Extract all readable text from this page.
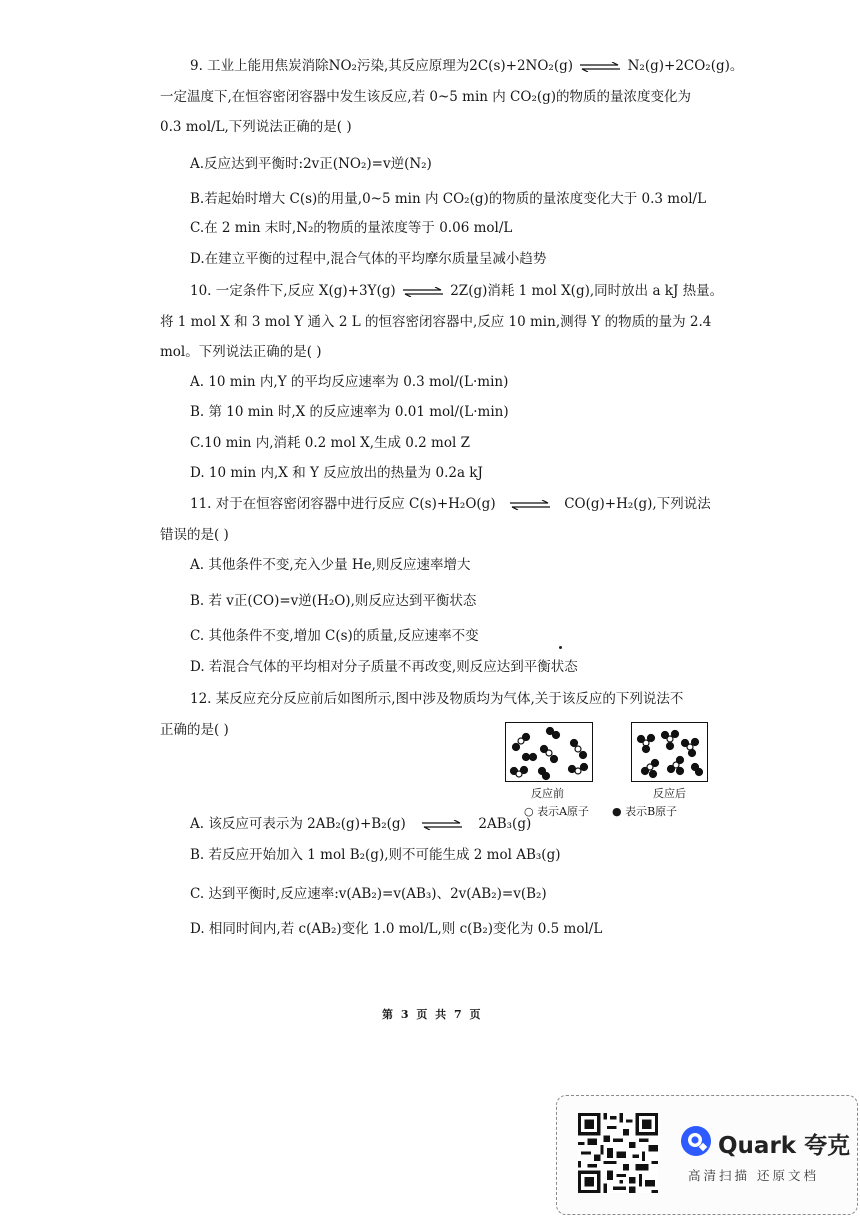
9. 工业上能用焦炭消除NO₂污染,其反应原理为2C(s)+2NO₂(g) ⇌ N₂(g)+2CO₂(g)。
一定温度下,在恒容密闭容器中发生该反应,若 0~5 min 内 CO₂(g)的物质的量浓度变化为
0.3 mol/L,下列说法正确的是( )
A.反应达到平衡时:2v正(NO₂)=v逆(N₂)
B.若起始时增大 C(s)的用量,0~5 min 内 CO₂(g)的物质的量浓度变化大于 0.3 mol/L
C.在 2 min 末时,N₂的物质的量浓度等于 0.06 mol/L
D.在建立平衡的过程中,混合气体的平均摩尔质量呈减小趋势
10. 一定条件下,反应 X(g)+3Y(g) ⇌ 2Z(g)消耗 1 mol X(g),同时放出 a kJ 热量。
将 1 mol X 和 3 mol Y 通入 2 L 的恒容密闭容器中,反应 10 min,测得 Y 的物质的量为 2.4
mol。下列说法正确的是( )
A. 10 min 内,Y 的平均反应速率为 0.3 mol/(L·min)
B. 第 10 min 时,X 的反应速率为 0.01 mol/(L·min)
C.10 min 内,消耗 0.2 mol X,生成 0.2 mol Z
D. 10 min 内,X 和 Y 反应放出的热量为 0.2a kJ
11. 对于在恒容密闭容器中进行反应 C(s)+H₂O(g) ⇌ CO(g)+H₂(g),下列说法
错误的是( )
A. 其他条件不变,充入少量 He,则反应速率增大
B. 若 v正(CO)=v逆(H₂O),则反应达到平衡状态
C. 其他条件不变,增加 C(s)的质量,反应速率不变
D. 若混合气体的平均相对分子质量不再改变,则反应达到平衡状态
12. 某反应充分反应前后如图所示,图中涉及物质均为气体,关于该反应的下列说法不
正确的是( )
反应前	反应后
○ 表示A原子 ● 表示B原子
A. 该反应可表示为 2AB₂(g)+B₂(g) ⇌ 2AB₃(g)
B. 若反应开始加入 1 mol B₂(g),则不可能生成 2 mol AB₃(g)
C. 达到平衡时,反应速率:v(AB₂)=v(AB₃)、2v(AB₂)=v(B₂)
D. 相同时间内,若 c(AB₂)变化 1.0 mol/L,则 c(B₂)变化为 0.5 mol/L
第 3 页 共 7 页
Quark 夸克
高清扫描 还原文档
